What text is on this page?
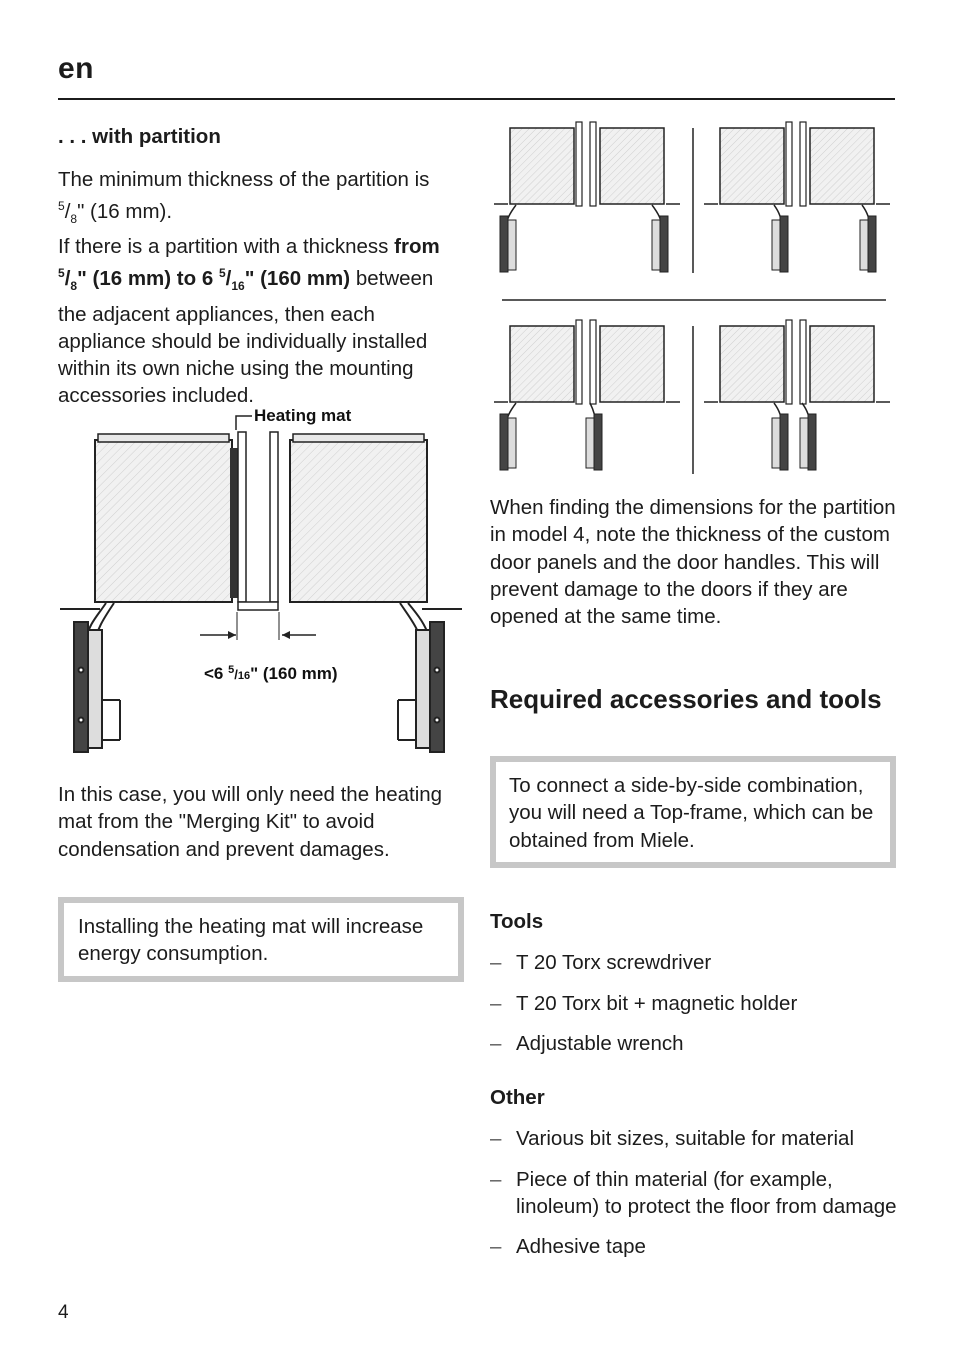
en
. . . with partition

The minimum thickness of the partition is $^5/_8$" (16 mm).

If there is a partition with a thickness from $^5/_8$" (16 mm) to 6 $^5/_{16}$" (160 mm) between the adjacent appliances, then each appliance should be individually installed within its own niche using the mounting accessories included.

Heating mat
<6 $^5_/$16" (160 mm)

In this case, you will only need the heating mat from the "Merging Kit" to avoid condensation and prevent damages.

Installing the heating mat will increase energy consumption.

When finding the dimensions for the partition in model 4, note the thickness of the custom door panels and the door handles. This will prevent damage to the doors if they are opened at the same time.

Required accessories and tools
To connect a side-by-side combination, you will need a Top-frame, which can be obtained from Miele.
Tools
– T 20 Torx screwdriver
– T 20 Torx bit + magnetic holder
– Adjustable wrench
Other
– Various bit sizes, suitable for material
– Piece of thin material (for example, linoleum) to protect the floor from damage
– Adhesive tape
4
